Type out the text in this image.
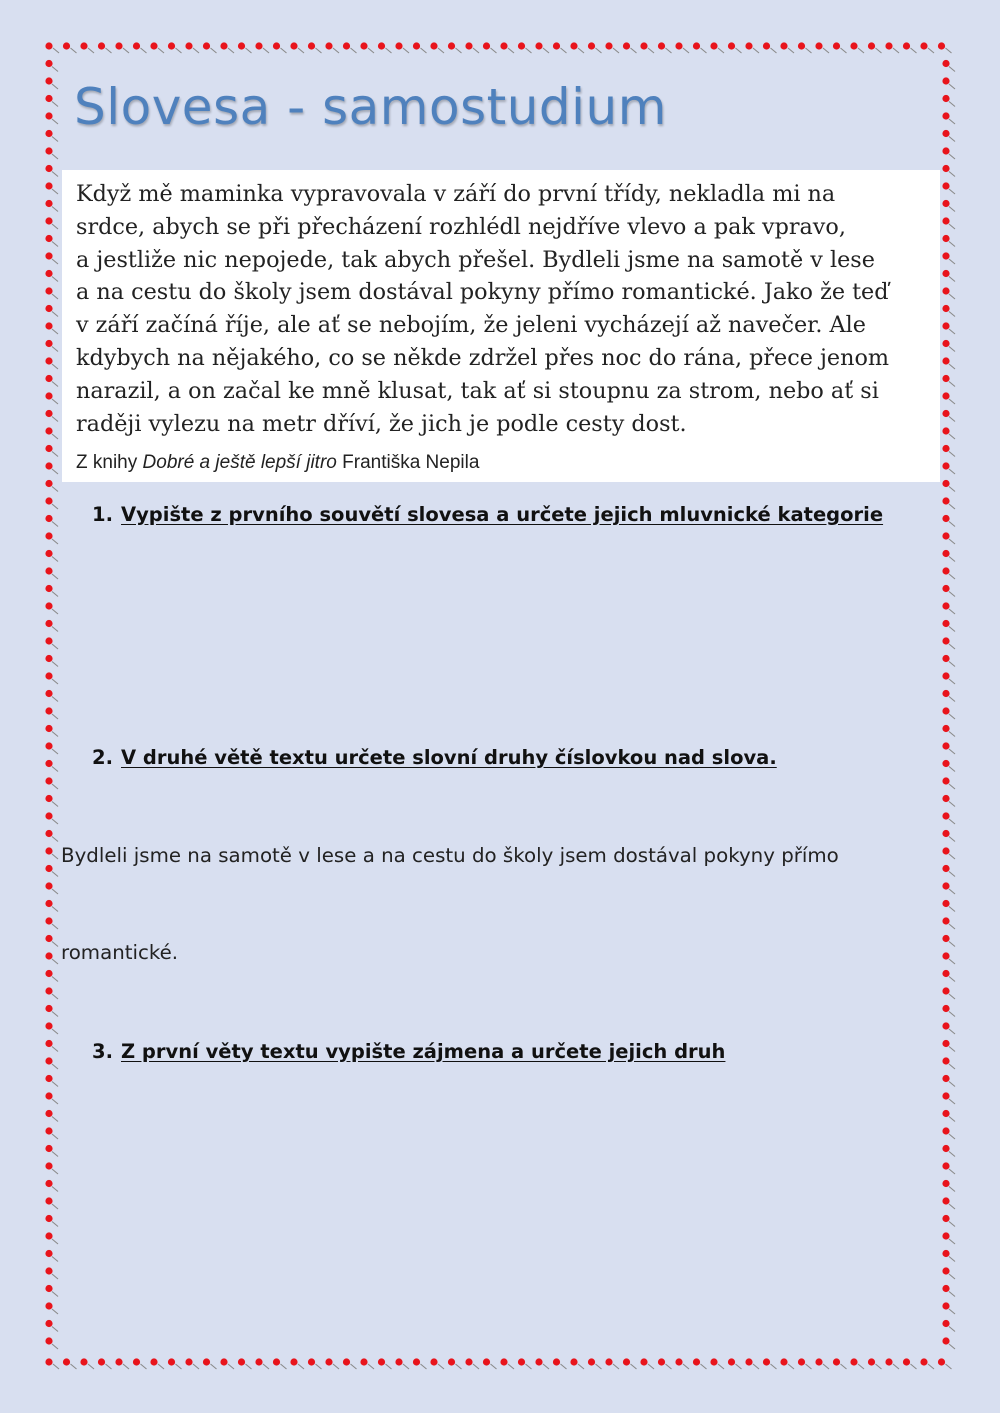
Slovesa - samostudium
Když mě maminka vypravovala v září do první třídy, nekladla mi na
srdce, abych se při přecházení rozhlédl nejdříve vlevo a pak vpravo,
a jestliže nic nepojede, tak abych přešel. Bydleli jsme na samotě v lese
a na cestu do školy jsem dostával pokyny přímo romantické. Jako že teď
v září začíná říje, ale ať se nebojím, že jeleni vycházejí až navečer. Ale
kdybych na nějakého, co se někde zdržel přes noc do rána, přece jenom
narazil, a on začal ke mně klusat, tak ať si stoupnu za strom, nebo ať si
raději vylezu na metr dříví, že jich je podle cesty dost.
Z knihy Dobré a ještě lepší jitro Františka Nepila
1. Vypište z prvního souvětí slovesa a určete jejich mluvnické kategorie
2. V druhé větě textu určete slovní druhy číslovkou nad slova.
Bydleli jsme na samotě v lese a na cestu do školy jsem dostával pokyny přímo
romantické.
3. Z první věty textu vypište zájmena a určete jejich druh
